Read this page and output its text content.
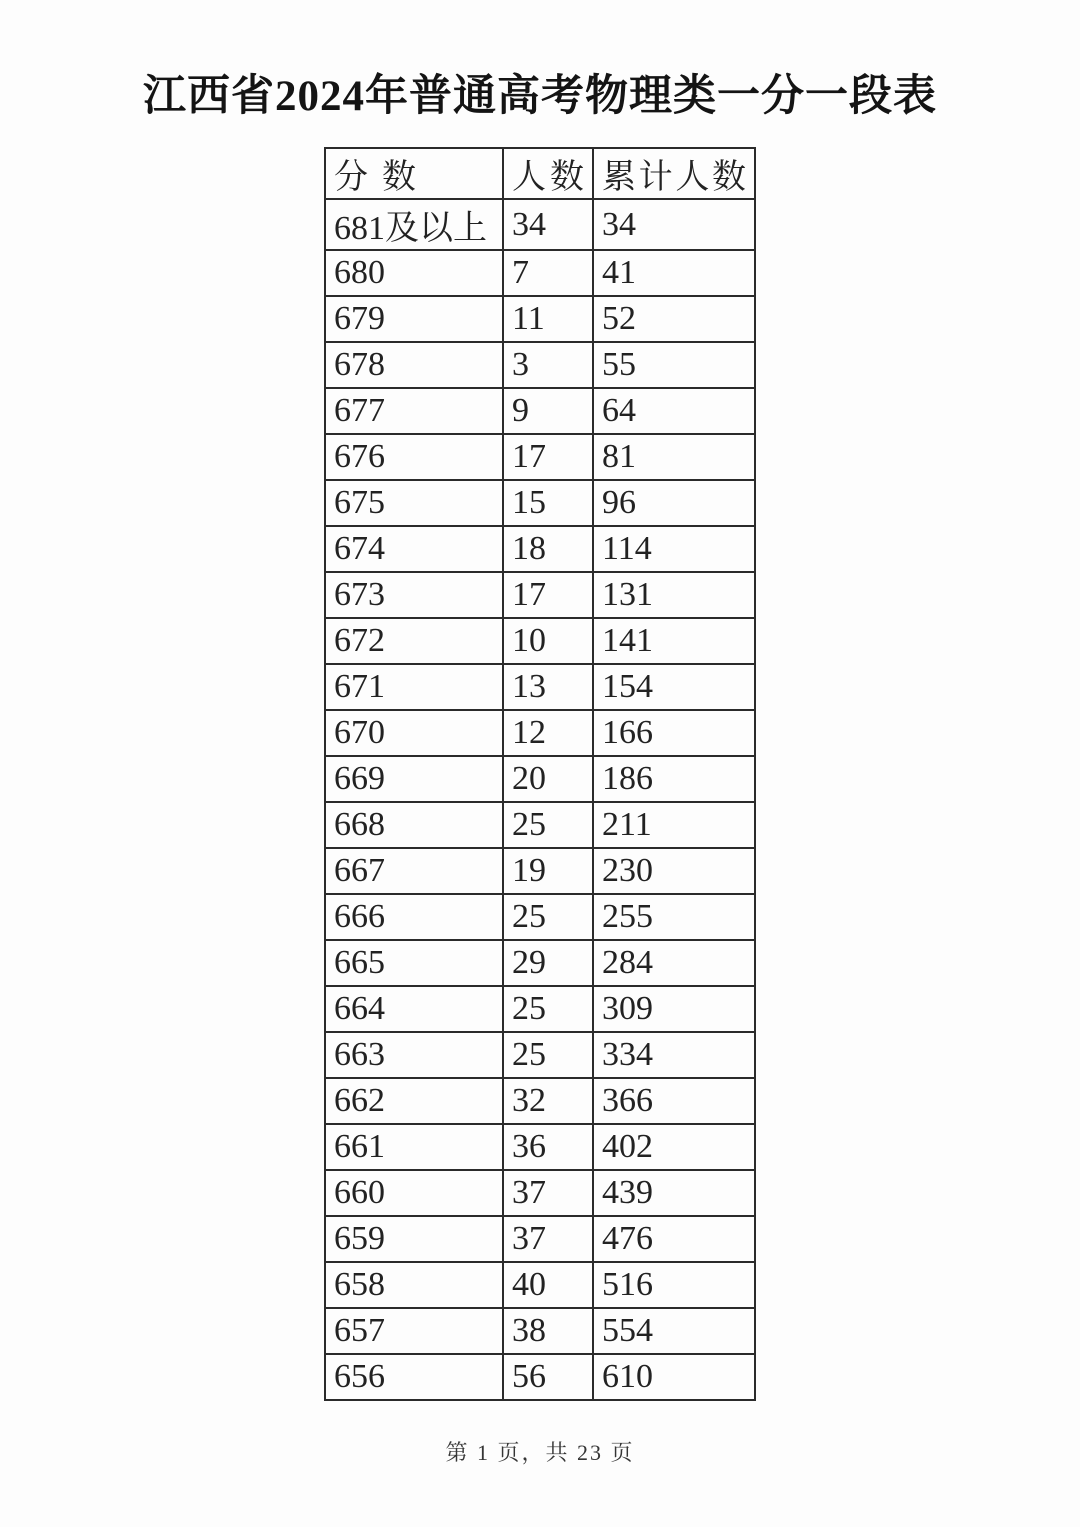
江西省2024年普通高考物理类一分一段表
分数	人数	累计人数
681及以上	34	34
680	7	41
679	11	52
678	3	55
677	9	64
676	17	81
675	15	96
674	18	114
673	17	131
672	10	141
671	13	154
670	12	166
669	20	186
668	25	211
667	19	230
666	25	255
665	29	284
664	25	309
663	25	334
662	32	366
661	36	402
660	37	439
659	37	476
658	40	516
657	38	554
656	56	610
第 1 页，共 23 页
